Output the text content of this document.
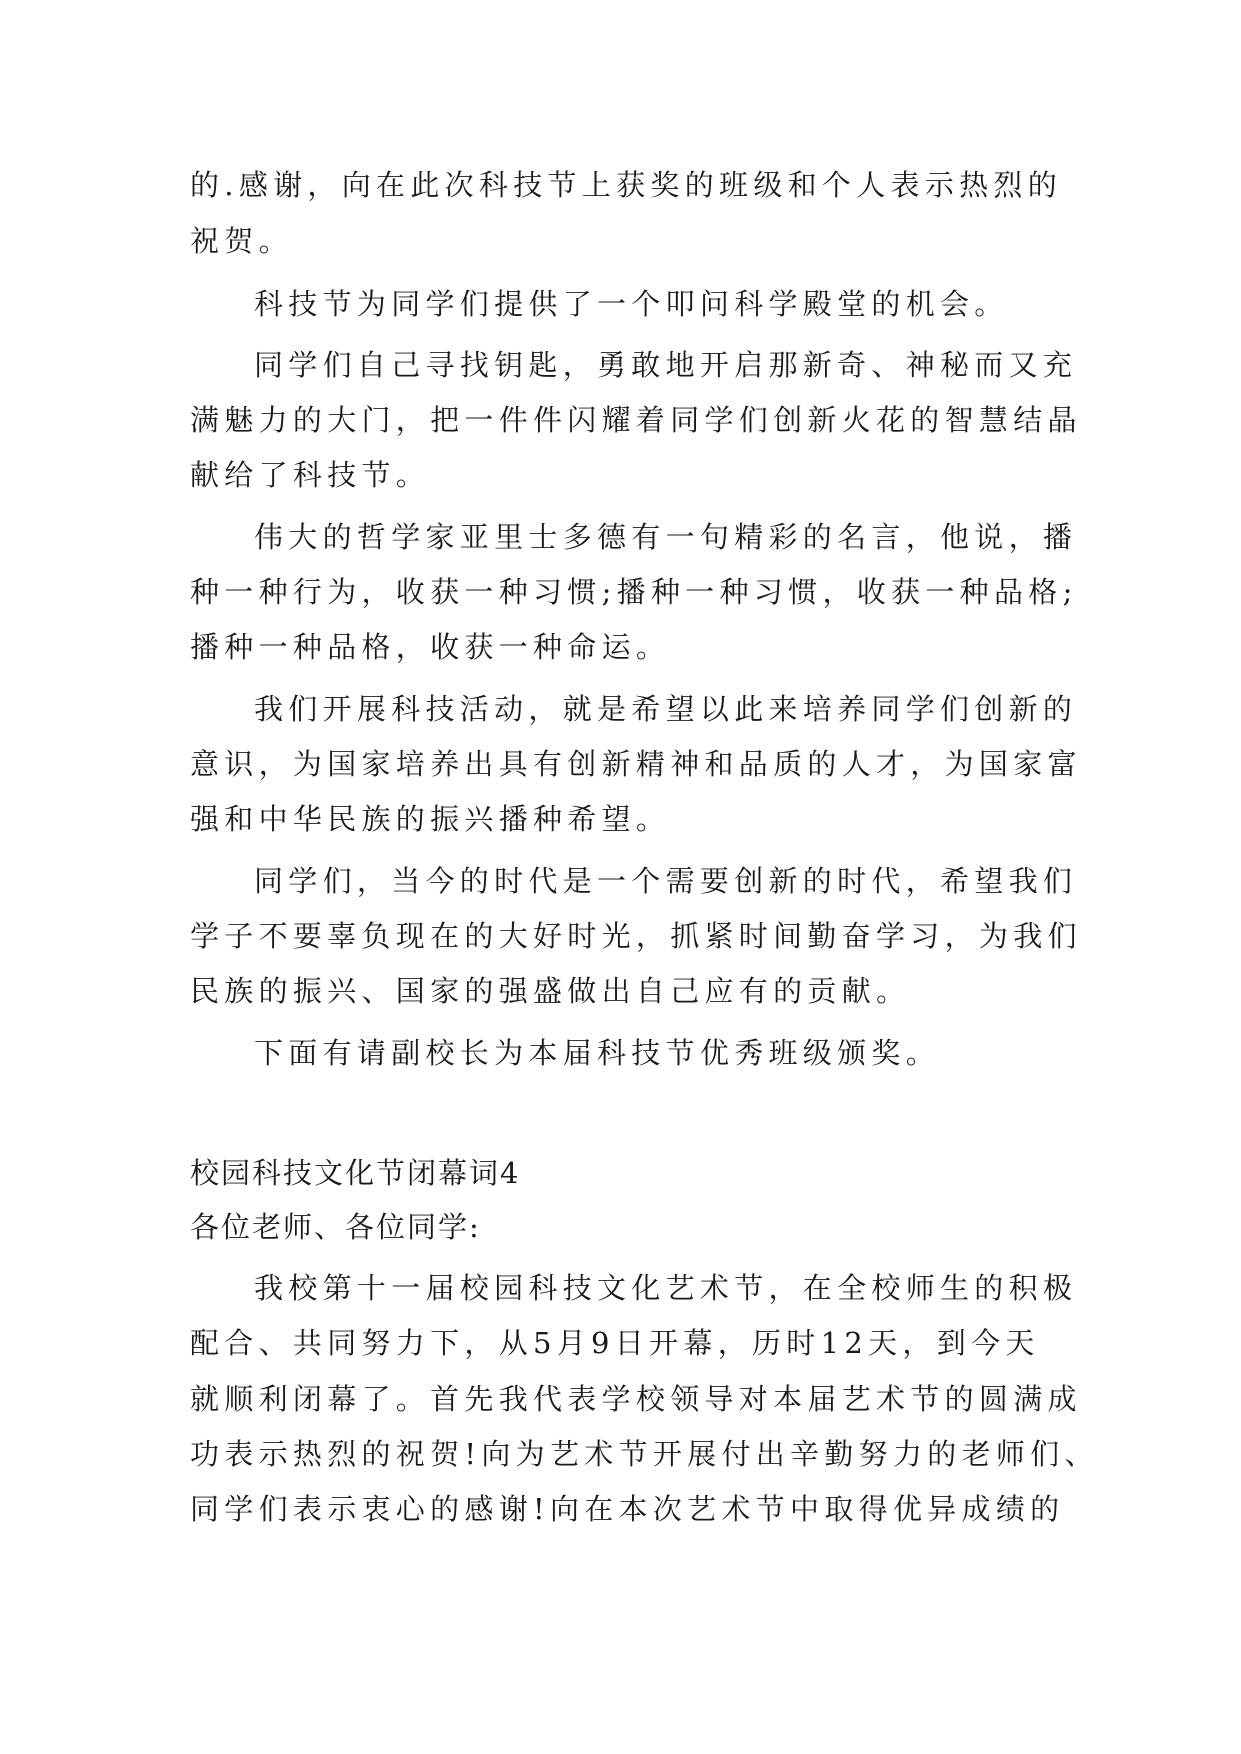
的.感谢，向在此次科技节上获奖的班级和个人表示热烈的
祝贺。
科技节为同学们提供了一个叩问科学殿堂的机会。
同学们自己寻找钥匙，勇敢地开启那新奇、神秘而又充
满魅力的大门，把一件件闪耀着同学们创新火花的智慧结晶
献给了科技节。
伟大的哲学家亚里士多德有一句精彩的名言，他说，播
种一种行为，收获一种习惯;播种一种习惯，收获一种品格;
播种一种品格，收获一种命运。
我们开展科技活动，就是希望以此来培养同学们创新的
意识，为国家培养出具有创新精神和品质的人才，为国家富
强和中华民族的振兴播种希望。
同学们，当今的时代是一个需要创新的时代，希望我们
学子不要辜负现在的大好时光，抓紧时间勤奋学习，为我们
民族的振兴、国家的强盛做出自己应有的贡献。
下面有请副校长为本届科技节优秀班级颁奖。
校园科技文化节闭幕词4
各位老师、各位同学:
我校第十一届校园科技文化艺术节，在全校师生的积极
配合、共同努力下，从5月9日开幕，历时12天，到今天
就顺利闭幕了。首先我代表学校领导对本届艺术节的圆满成
功表示热烈的祝贺!向为艺术节开展付出辛勤努力的老师们、
同学们表示衷心的感谢!向在本次艺术节中取得优异成绩的
